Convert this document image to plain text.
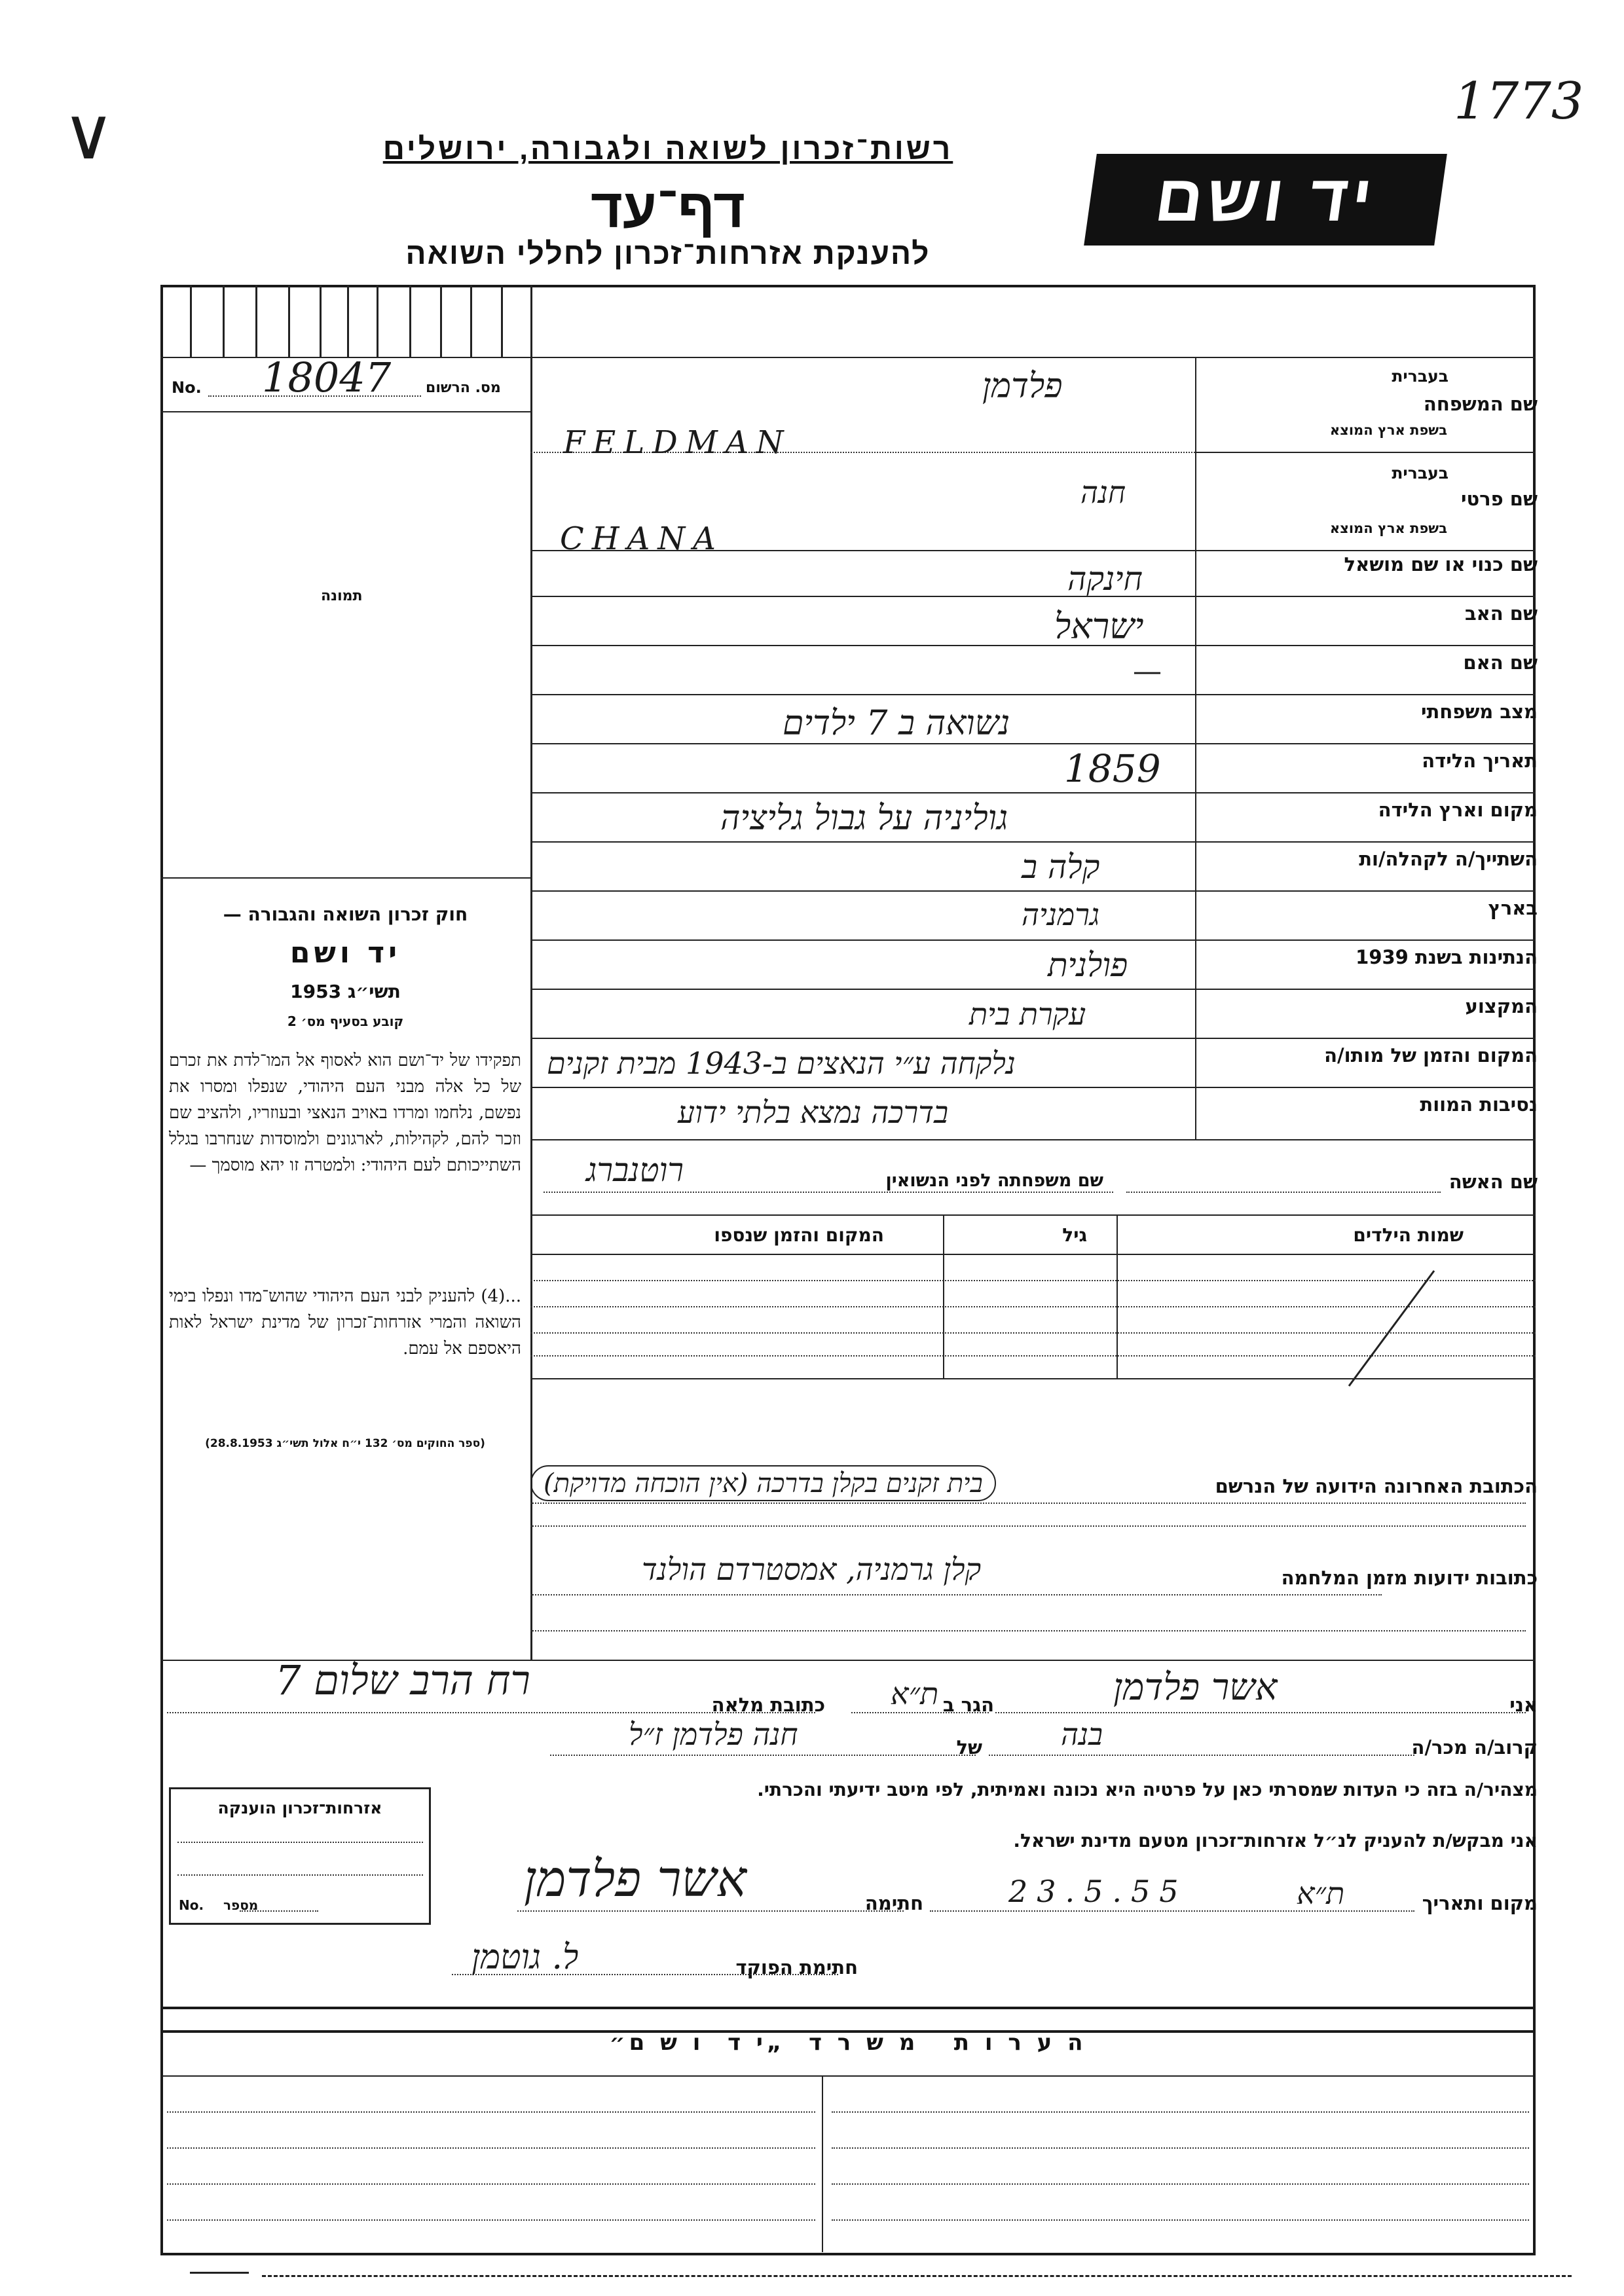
∨	1773
רשות־זכרון לשואה ולגבורה, ירושלים
דף־עד
להענקת אזרחות־זכרון לחללי השואה
יד ושם
מס. הרשום
No. 18047
תמונה
חוק זכרון השואה והגבורה —
יד ושם
תשי״ג 1953
קובע בסעיף מס׳ 2
תפקידו של יד־ושם הוא לאסוף אל המו־לדת את זכרם של כל אלה מבני העם היהודי, שנפלו ומסרו את נפשם, נלחמו ומרדו באויב הנאצי ובעוזריו, ולהציב שם וזכר להם, לקהילות, לארגונים ולמוסדות שנחרבו בגלל השתייכותם לעם היהודי: ולמטרה זו יהא מוסמך —
...(4) להעניק לבני העם היהודי שהוש־מדו ונפלו בימי השואה והמרי אזרחות־זכרון של מדינת ישראל לאות היאספם אל עמם.
(ספר החוקים מס׳ 132 י״ח אלול תשי״ג 28.8.1953)
שם המשפחה
בעברית
בשפת ארץ המוצא
שם פרטי
בעברית
בשפת ארץ המוצא
שם כנוי או שם מושאל
שם האב
שם האם
מצב משפחתי
תאריך הלידה
מקום וארץ הלידה
השתייך/ה לקהלה/ות
בארץ
הנתינות בשנת 1939
המקצוע
המקום והזמן של מותו/ה
נסיבות המוות
פלדמן
FELDMAN
חנה
CHANA
חינקה
ישראל
—
נשואה ב 7 ילדים
1859
גוליניה על גבול גליציה
קלה ב
גרמניה
פולנית
עקרת בית
נלקחה ע״י הנאצים ב-1943 מבית זקנים
בדרכה נמצא בלתי ידוע
שם האשה
שם משפחתה לפני הנשואין
רוטנברג
שמות הילדים
גיל
המקום והזמן שנספו
הכתובת האחרונה הידועה של הנרשם
בית זקנים בקלן בדרכה (אין הוכחה מדויקת)
כתובות ידועות מזמן המלחמה
קלן גרמניה, אמסטרדם הולנד
אני
אשר פלדמן
הגר ב
ת״א
כתובת מלאה
רח הרב שלום 7
קרוב/ה מכר/ה
בנה
של
חנה פלדמן ז״ל
מצהיר/ה בזה כי העדות שמסרתי כאן על פרטיה היא נכונה ואמיתית, לפי מיטב ידיעתי והכרתי.
אני מבקש/ת להעניק לנ״ל אזרחות־זכרון מטעם מדינת ישראל.
מקום ותאריך
ת״א
23.5.55
חתימה
אשר פלדמן
חתימת הפוקד
ל. גוטמן
אזרחות־זכרון הוענקה
No. מספר
ה ע ר ו ת   מ ש ר ד  „י ד  ו ש ם״
